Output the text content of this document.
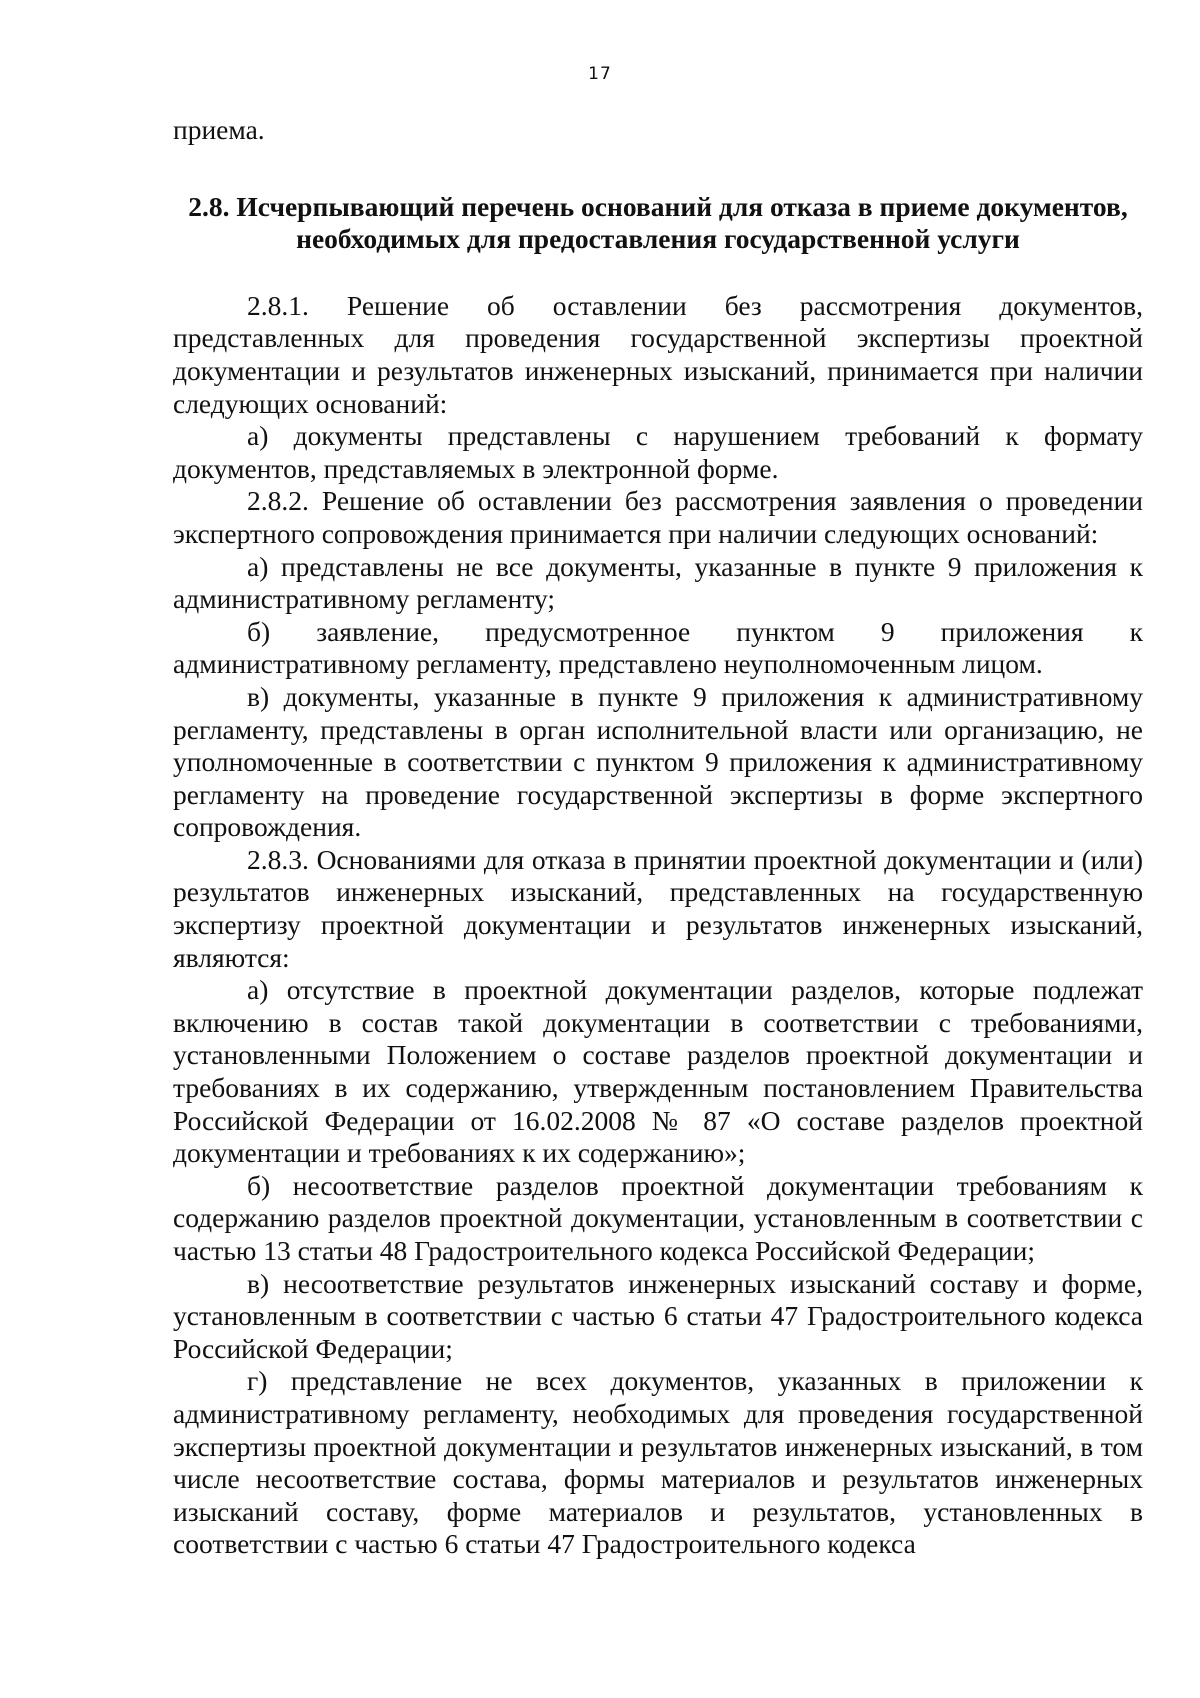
17

приема.

2.8. Исчерпывающий перечень оснований для отказа в приеме документов,
необходимых для предоставления государственной услуги

2.8.1. Решение об оставлении без рассмотрения документов, представленных для проведения государственной экспертизы проектной документации и результатов инженерных изысканий, принимается при наличии следующих оснований:

а) документы представлены с нарушением требований к формату документов, представляемых в электронной форме.

2.8.2. Решение об оставлении без рассмотрения заявления о проведении экспертного сопровождения принимается при наличии следующих оснований:

а) представлены не все документы, указанные в пункте 9 приложения к административному регламенту;

б) заявление, предусмотренное пунктом 9 приложения к административному регламенту, представлено неуполномоченным лицом.

в) документы, указанные в пункте 9 приложения к административному регламенту, представлены в орган исполнительной власти или организацию, не уполномоченные в соответствии с пунктом 9 приложения к административному регламенту на проведение государственной экспертизы в форме экспертного сопровождения.

2.8.3. Основаниями для отказа в принятии проектной документации и (или) результатов инженерных изысканий, представленных на государственную экспертизу проектной документации и результатов инженерных изысканий, являются:

а) отсутствие в проектной документации разделов, которые подлежат включению в состав такой документации в соответствии с требованиями, установленными Положением о составе разделов проектной документации и требованиях в их содержанию, утвержденным постановлением Правительства Российской Федерации от 16.02.2008 № 87 «О составе разделов проектной документации и требованиях к их содержанию»;

б) несоответствие разделов проектной документации требованиям к содержанию разделов проектной документации, установленным в соответствии с частью 13 статьи 48 Градостроительного кодекса Российской Федерации;

в) несоответствие результатов инженерных изысканий составу и форме, установленным в соответствии с частью 6 статьи 47 Градостроительного кодекса Российской Федерации;

г) представление не всех документов, указанных в приложении к административному регламенту, необходимых для проведения государственной экспертизы проектной документации и результатов инженерных изысканий, в том числе несоответствие состава, формы материалов и результатов инженерных изысканий составу, форме материалов и результатов, установленных в соответствии с частью 6 статьи 47 Градостроительного кодекса
